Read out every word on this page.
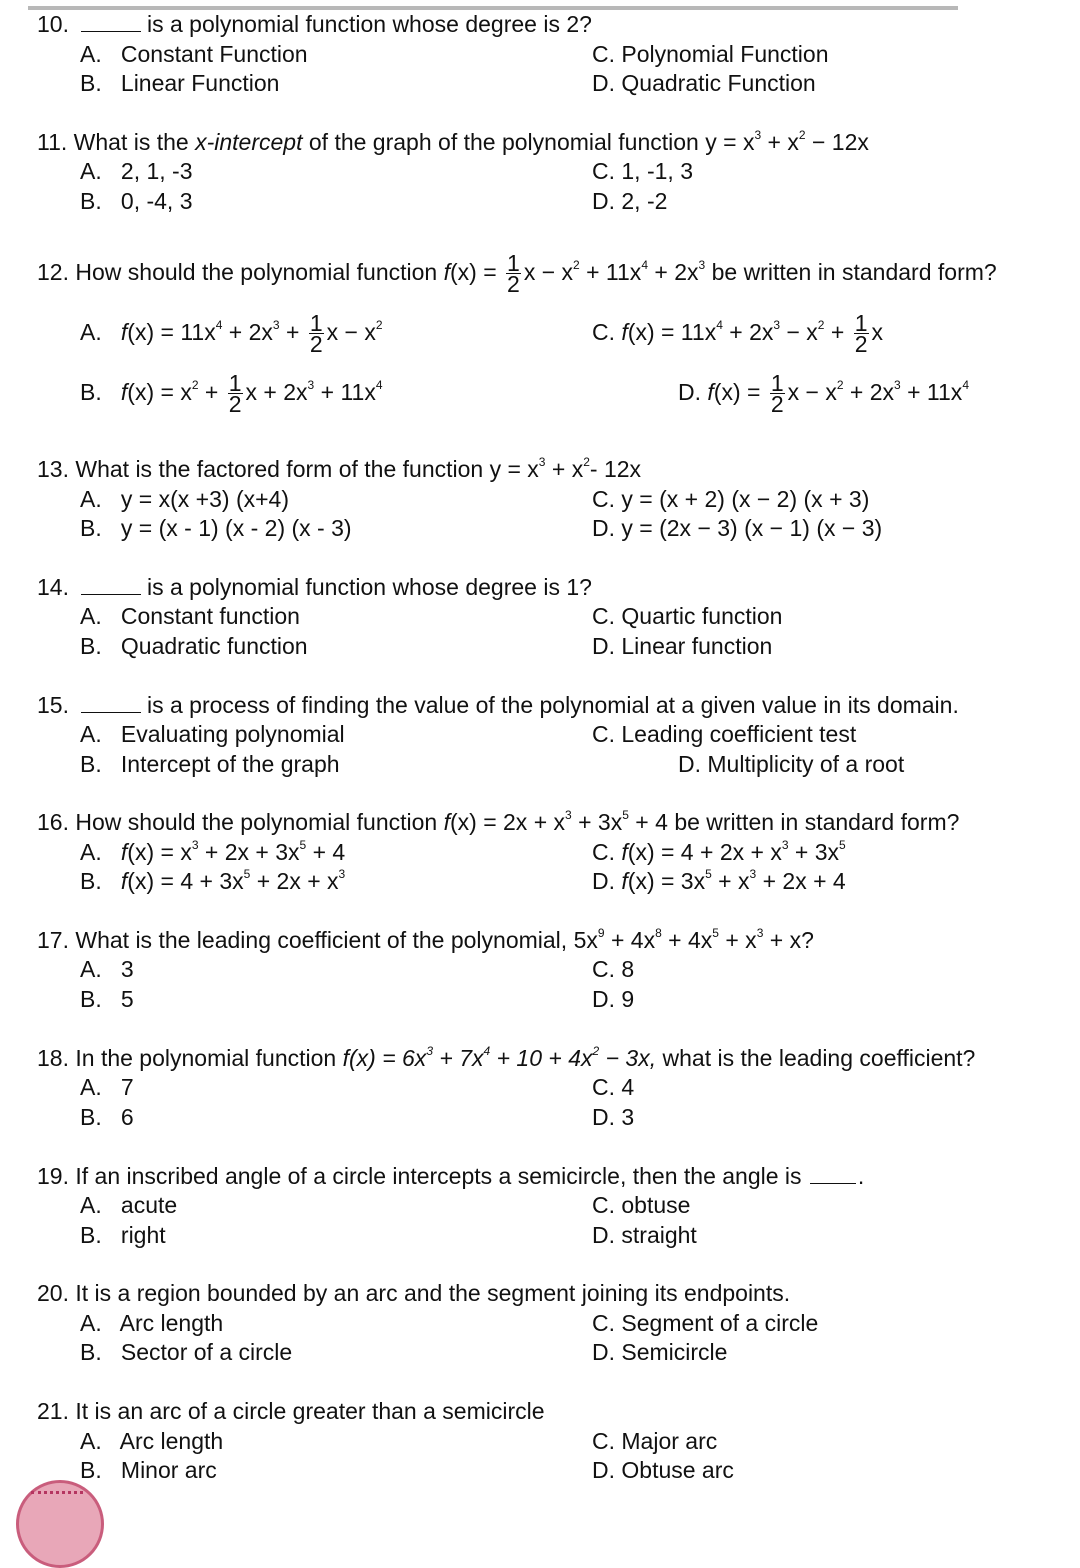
10.	is a polynomial function whose degree is 2?
A.   Constant Function	C. Polynomial Function
B.   Linear Function	D. Quadratic Function
11. What is the x-intercept of the graph of the polynomial function $y = x^3 + x^2 - 12x$
A.   2, 1, -3	C. 1, -1, 3
B.   0, -4, 3	D. 2, -2
12. How should the polynomial function $f(x) = \frac{1}{2}$ $x - x^2 + 11x^4 + 2x^3$ be written in standard form?
A.   $f(x) = 11x^4 + 2x^3 + \frac{1}{2}$ $x - x^2$	C. $f(x) = 11x^4 + 2x^3 - x^2 + \frac{1}{2}$ x
B.   $f(x) = x^2 + \frac{1}{2}$ $x + 2x^3 + 11x^4$	D. $f(x) = \frac{1}{2}$ $x - x^2 + 2x^3 + 11x^4$
13. What is the factored form of the function $y = x^3 + x^2-$ 12x
A.   y = x(x +3) (x+4)	C. y = (x + 2) (x − 2) (x + 3)
B.   y = (x - 1) (x - 2) (x - 3)	D. y = (2x − 3) (x − 1) (x − 3)
14.	is a polynomial function whose degree is 1?
A.   Constant function	C. Quartic function
B.   Quadratic function	D. Linear function
15.	is a process of finding the value of the polynomial at a given value in its domain.
A.   Evaluating polynomial	C. Leading coefficient test
B.   Intercept of the graph	D. Multiplicity of a root
16. How should the polynomial function $f(x) = 2x + x^3 + 3x^5 + 4$ be written in standard form?
A.   $f(x) = x^3 + 2x + 3x^5 + 4$	C. $f(x) = 4 + 2x + x^3 + 3x^5$
B.   $f(x) = 4 + 3x^5 + 2x + x^3$	D. $f(x) = 3x^5 + x^3 + 2x + 4$
17. What is the leading coefficient of the polynomial, $5x^9 + 4x^8 + 4x^5 + x^3 + x$?
A.   3	C. 8
B.   5	D. 9
18. In the polynomial function $f(x) = 6x^3 + 7x^4 + 10 + 4x^2 - 3x$, what is the leading coefficient?
A.   7	C. 4
B.   6	D. 3
19. If an inscribed angle of a circle intercepts a semicircle, then the angle is .
A.   acute	C. obtuse
B.   right	D. straight
20. It is a region bounded by an arc and the segment joining its endpoints.
A.   Arc length	C. Segment of a circle
B.   Sector of a circle	D. Semicircle
21. It is an arc of a circle greater than a semicircle
A.   Arc length	C. Major arc
B.   Minor arc	D. Obtuse arc
